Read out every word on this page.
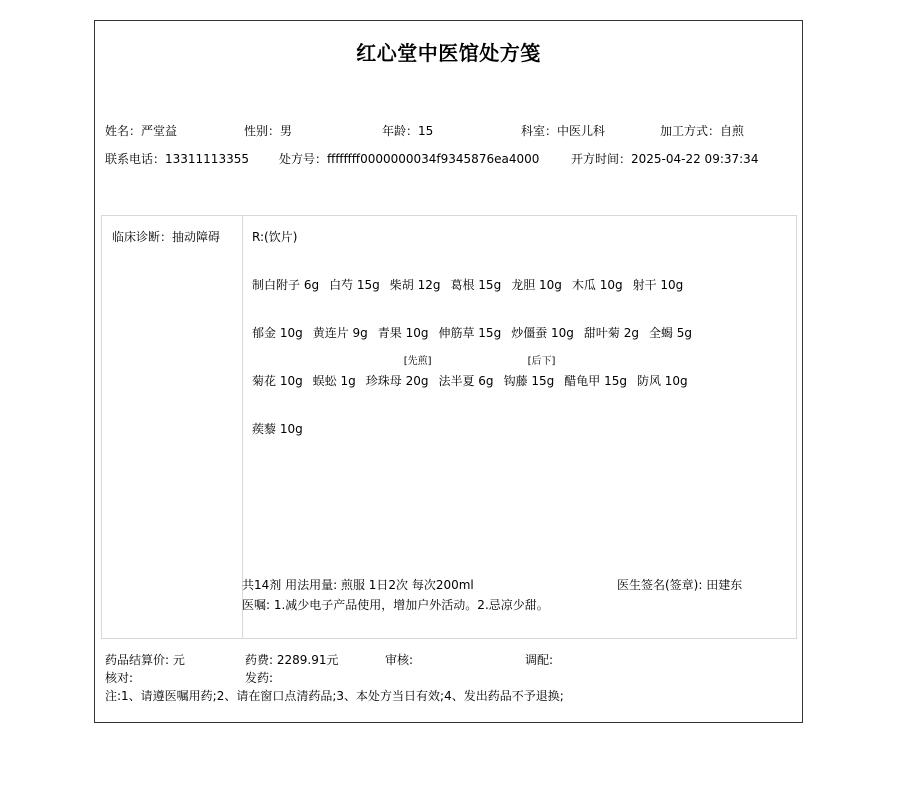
红心堂中医馆处方笺
姓名：严堂益	性别：男	年龄：15	科室：中医儿科	加工方式：自煎
联系电话：13311113355	处方号：ffffffff0000000034f9345876ea4000	开方时间：2025-04-22 09:37:34
临床诊断：抽动障碍	R:(饮片)
制白附子 6g 白芍 15g 柴胡 12g 葛根 15g 龙胆 10g 木瓜 10g 射干 10g
郁金 10g 黄连片 9g 青果 10g 伸筋草 15g 炒僵蚕 10g 甜叶菊 2g 全蝎 5g
菊花 10g 蜈蚣 1g
[先煎]
珍珠母 20g 法半夏 6g
[后下]
钩藤 15g 醋龟甲 15g 防风 10g
蒺藜 10g
共14剂 用法用量: 煎服 1日2次 每次200ml	医生签名(签章): 田建东
医嘱: 1.减少电子产品使用，增加户外活动。2.忌凉少甜。
药品结算价: 元	药费: 2289.91元	审核:	调配:
核对:	发药:
注:1、请遵医嘱用药;2、请在窗口点清药品;3、本处方当日有效;4、发出药品不予退换;
